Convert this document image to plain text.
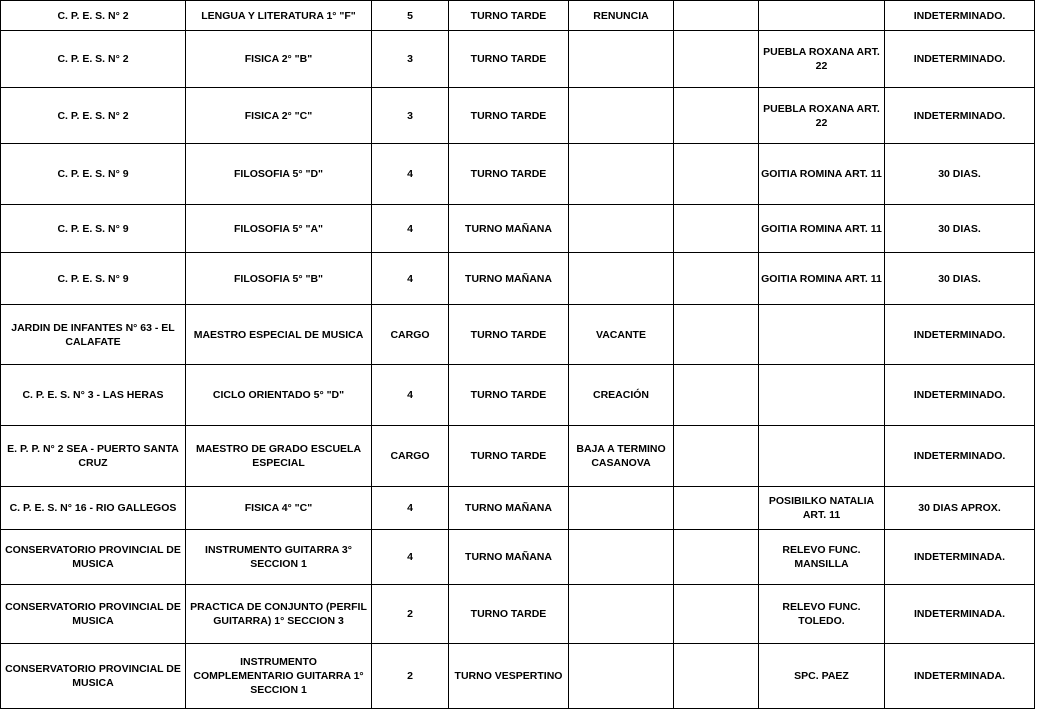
C. P. E. S. N° 2	LENGUA Y LITERATURA 1° "F"	5	TURNO TARDE	RENUNCIA			INDETERMINADO.
C. P. E. S. N° 2	FISICA 2° "B"	3	TURNO TARDE			PUEBLA ROXANA ART. 22	INDETERMINADO.
C. P. E. S. N° 2	FISICA 2° "C"	3	TURNO TARDE			PUEBLA ROXANA ART. 22	INDETERMINADO.
C. P. E. S. N° 9	FILOSOFIA 5° "D"	4	TURNO TARDE			GOITIA ROMINA ART. 11	30 DIAS.
C. P. E. S. N° 9	FILOSOFIA 5° "A"	4	TURNO MAÑANA			GOITIA ROMINA ART. 11	30 DIAS.
C. P. E. S. N° 9	FILOSOFIA 5° "B"	4	TURNO MAÑANA			GOITIA ROMINA ART. 11	30 DIAS.
JARDIN DE INFANTES N° 63 - EL CALAFATE	MAESTRO ESPECIAL DE MUSICA	CARGO	TURNO TARDE	VACANTE			INDETERMINADO.
C. P. E. S. N° 3 - LAS HERAS	CICLO ORIENTADO 5° "D"	4	TURNO TARDE	CREACIÓN			INDETERMINADO.
E. P. P. N° 2 SEA - PUERTO SANTA CRUZ	MAESTRO DE GRADO ESCUELA ESPECIAL	CARGO	TURNO TARDE	BAJA A TERMINO CASANOVA			INDETERMINADO.
C. P. E. S. N° 16 - RIO GALLEGOS	FISICA 4° "C"	4	TURNO MAÑANA			POSIBILKO NATALIA ART. 11	30 DIAS APROX.
CONSERVATORIO PROVINCIAL DE MUSICA	INSTRUMENTO GUITARRA 3° SECCION 1	4	TURNO MAÑANA			RELEVO FUNC. MANSILLA	INDETERMINADA.
CONSERVATORIO PROVINCIAL DE MUSICA	PRACTICA DE CONJUNTO (PERFIL GUITARRA) 1° SECCION 3	2	TURNO TARDE			RELEVO FUNC. TOLEDO.	INDETERMINADA.
CONSERVATORIO PROVINCIAL DE MUSICA	INSTRUMENTO COMPLEMENTARIO GUITARRA 1° SECCION 1	2	TURNO VESPERTINO			SPC. PAEZ	INDETERMINADA.
